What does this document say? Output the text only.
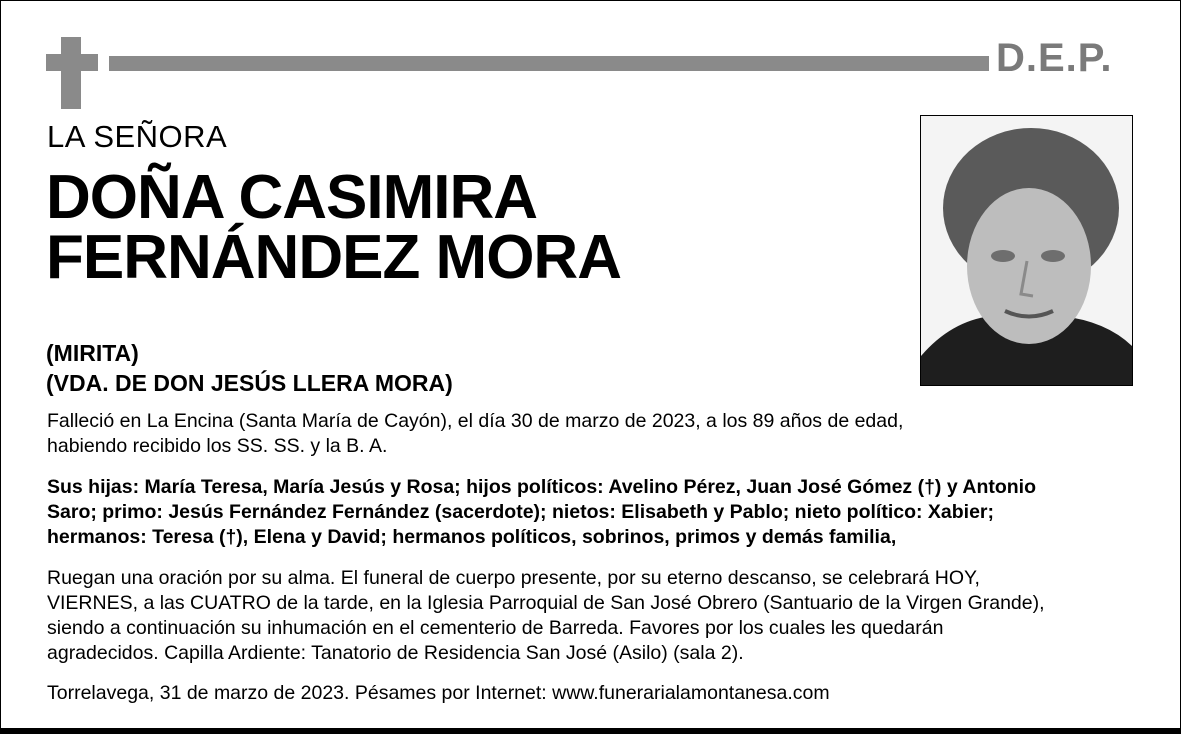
D.E.P.
LA SEÑORA
DOÑA CASIMIRA
FERNÁNDEZ MORA
(MIRITA)
(VDA. DE DON JESÚS LLERA MORA)

Falleció en La Encina (Santa María de Cayón), el día 30 de marzo de 2023, a los 89 años de edad,
habiendo recibido los SS. SS. y la B. A.

Sus hijas: María Teresa, María Jesús y Rosa; hijos políticos: Avelino Pérez, Juan José Gómez (†) y Antonio
Saro; primo: Jesús Fernández Fernández (sacerdote); nietos: Elisabeth y Pablo; nieto político: Xabier;
hermanos: Teresa (†), Elena y David; hermanos políticos, sobrinos, primos y demás familia,

Ruegan una oración por su alma. El funeral de cuerpo presente, por su eterno descanso, se celebrará HOY,
VIERNES, a las CUATRO de la tarde, en la Iglesia Parroquial de San José Obrero (Santuario de la Virgen Grande),
siendo a continuación su inhumación en el cementerio de Barreda. Favores por los cuales les quedarán
agradecidos. Capilla Ardiente: Tanatorio de Residencia San José (Asilo) (sala 2).

Torrelavega, 31 de marzo de 2023. Pésames por Internet: www.funerarialamontanesa.com
